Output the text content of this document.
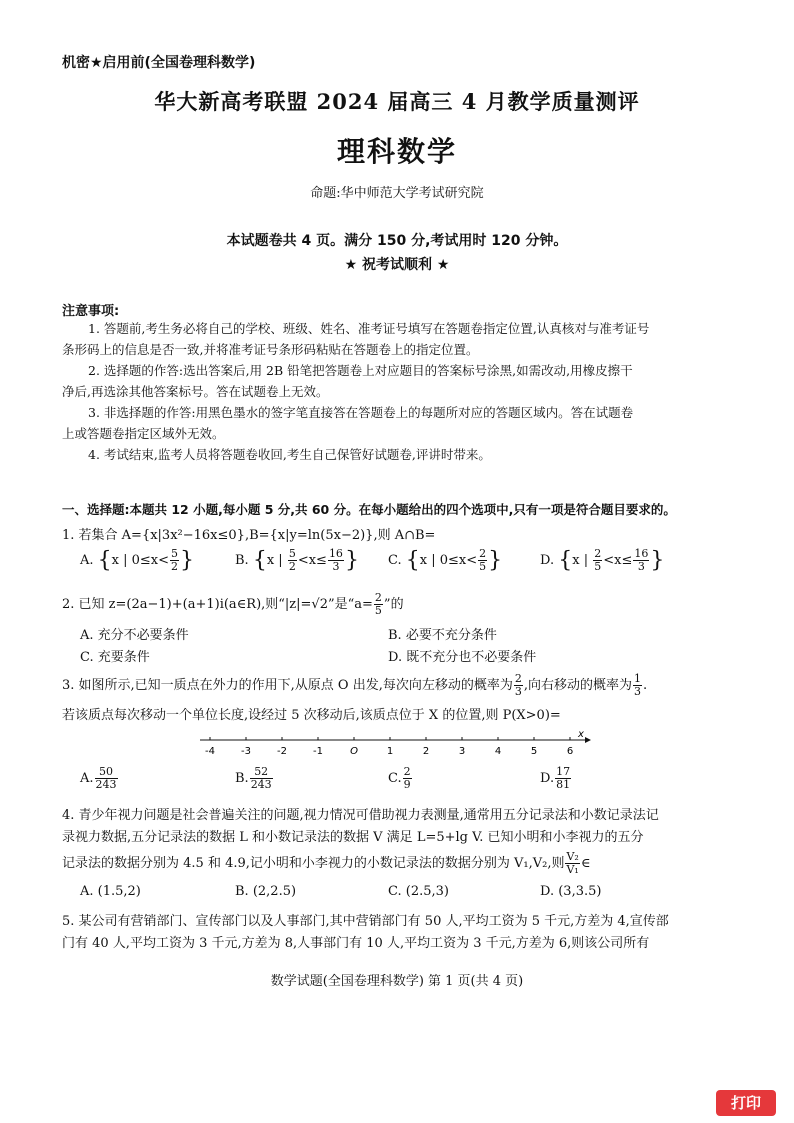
机密★启用前(全国卷理科数学)
华大新高考联盟 2024 届高三 4 月教学质量测评
理科数学
命题:华中师范大学考试研究院
本试题卷共 4 页。满分 150 分,考试用时 120 分钟。
★ 祝考试顺利 ★
注意事项:
1. 答题前,考生务必将自己的学校、班级、姓名、准考证号填写在答题卷指定位置,认真核对与准考证号
条形码上的信息是否一致,并将准考证号条形码粘贴在答题卷上的指定位置。
2. 选择题的作答:选出答案后,用 2B 铅笔把答题卷上对应题目的答案标号涂黑,如需改动,用橡皮擦干
净后,再选涂其他答案标号。答在试题卷上无效。
3. 非选择题的作答:用黑色墨水的签字笔直接答在答题卷上的每题所对应的答题区域内。答在试题卷
上或答题卷指定区域外无效。
4. 考试结束,监考人员将答题卷收回,考生自己保管好试题卷,评讲时带来。
一、选择题:本题共 12 小题,每小题 5 分,共 60 分。在每小题给出的四个选项中,只有一项是符合题目要求的。
1. 若集合 A={x|3x²−16x≤0},B={x|y=ln(5x−2)},则 A∩B=
A. {x | $0\le x< \frac{5}{2}$ }	B. {x | $\frac{5}{2} <x\le \frac{16}{3}$ } C. {x | $0\le x< \frac{2}{5}$ }	D. {x | $\frac{2}{5} <x\le \frac{16}{3}$ }
2. 已知 z=(2a−1)+(a+1)i(a∈R),则“|z|=√2”是“$a= \frac{2}{5}$ ”的
A. 充分不必要条件	B. 必要不充分条件
C. 充要条件	D. 既不充分也不必要条件
3. 如图所示,已知一质点在外力的作用下,从原点 O 出发,每次向左移动的概率为 $\frac{2}{3}$ ,向右移动的概率为 $\frac{1}{3}$ .
若该质点每次移动一个单位长度,设经过 5 次移动后,该质点位于 X 的位置,则 P(X>0)=
-4	-3	-2	-1	O	1	2	3	4	5	6
x
A. $\frac{50}{243}$	B. $\frac{52}{243}$	C. $\frac{2}{9}$	D. $\frac{17}{81}$
4. 青少年视力问题是社会普遍关注的问题,视力情况可借助视力表测量,通常用五分记录法和小数记录法记
录视力数据,五分记录法的数据 L 和小数记录法的数据 V 满足 L=5+lg V. 已知小明和小李视力的五分
记录法的数据分别为 4.5 和 4.9,记小明和小李视力的小数记录法的数据分别为 V₁,V₂,则 $\frac{\text{V₂}}{\text{V₁}}$ ∈
A. (1.5,2)	B. (2,2.5)	C. (2.5,3)	D. (3,3.5)
5. 某公司有营销部门、宣传部门以及人事部门,其中营销部门有 50 人,平均工资为 5 千元,方差为 4,宣传部
门有 40 人,平均工资为 3 千元,方差为 8,人事部门有 10 人,平均工资为 3 千元,方差为 6,则该公司所有
数学试题(全国卷理科数学) 第 1 页(共 4 页)
打印
